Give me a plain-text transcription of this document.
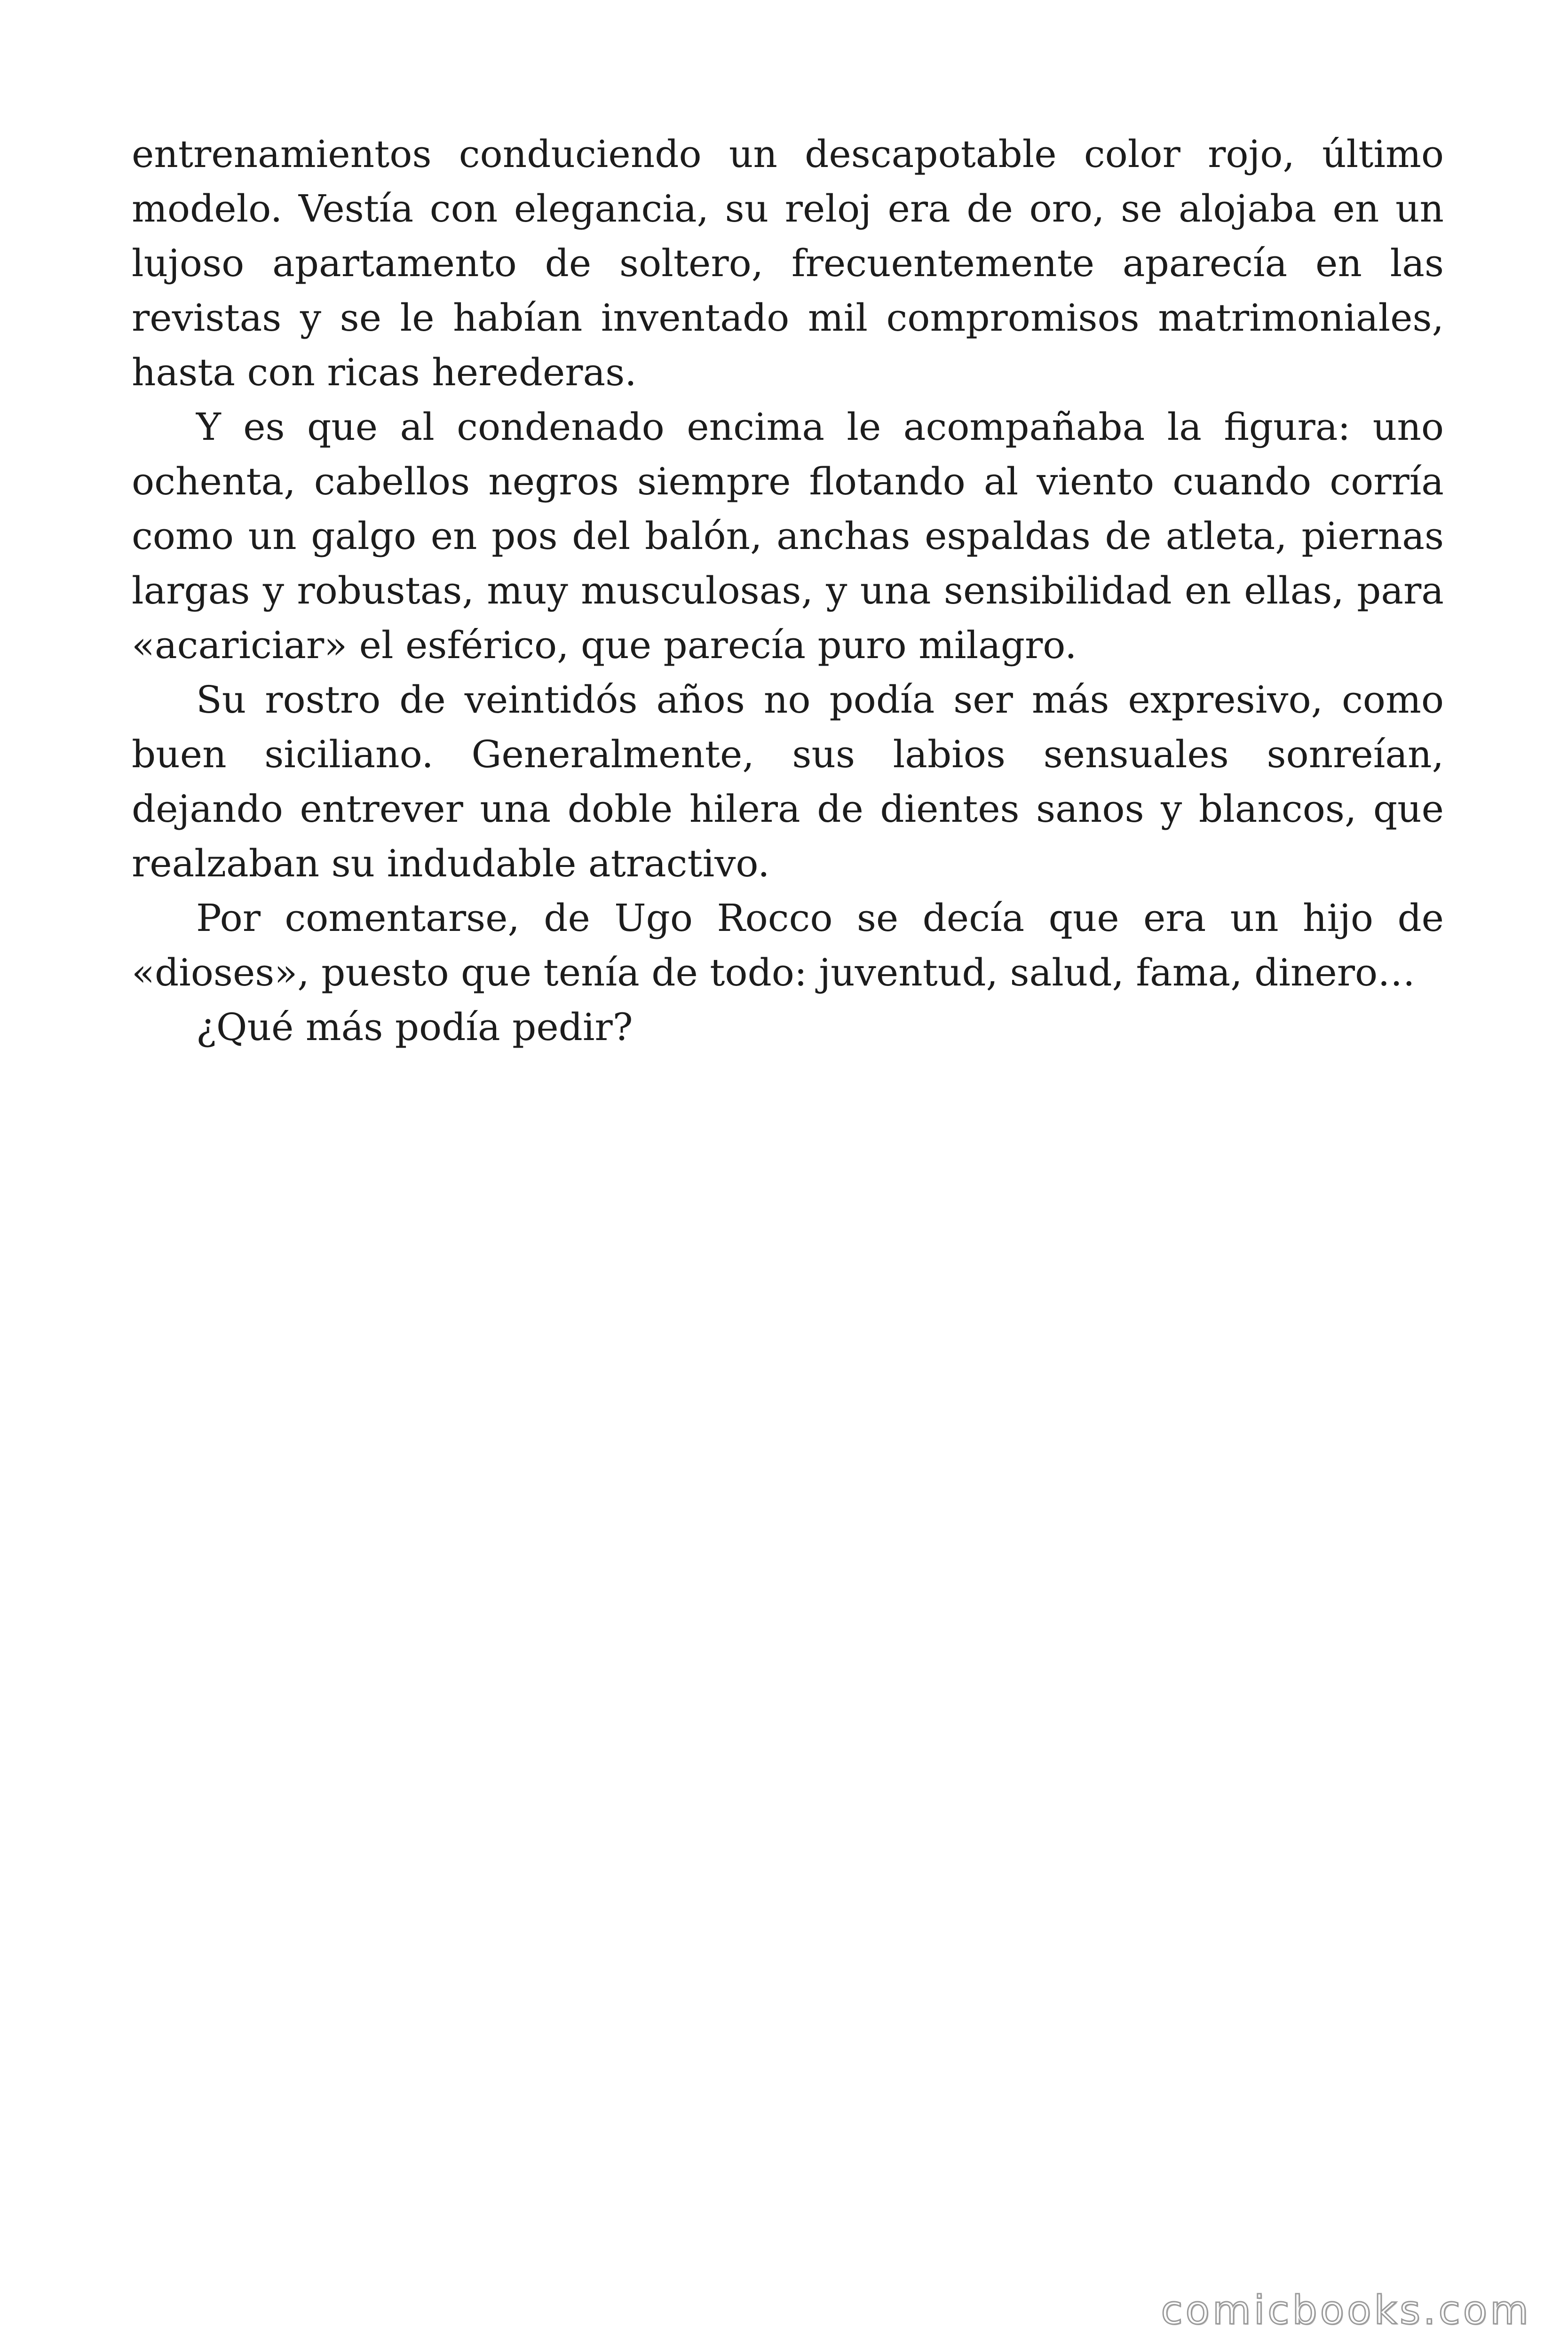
entrenamientos conduciendo un descapotable color rojo, último modelo. Vestía con elegancia, su reloj era de oro, se alojaba en un lujoso apartamento de soltero, frecuentemente aparecía en las revistas y se le habían inventado mil compromisos matrimoniales, hasta con ricas herederas.

Y es que al condenado encima le acompañaba la figura: uno ochenta, cabellos negros siempre flotando al viento cuando corría como un galgo en pos del balón, anchas espaldas de atleta, piernas largas y robustas, muy musculosas, y una sensibilidad en ellas, para «acariciar» el esférico, que parecía puro milagro.

Su rostro de veintidós años no podía ser más expresivo, como buen siciliano. Generalmente, sus labios sensuales sonreían, dejando entrever una doble hilera de dientes sanos y blancos, que realzaban su indudable atractivo.

Por comentarse, de Ugo Rocco se decía que era un hijo de «dioses», puesto que tenía de todo: juventud, salud, fama, dinero…

¿Qué más podía pedir?

comicbooks.com
